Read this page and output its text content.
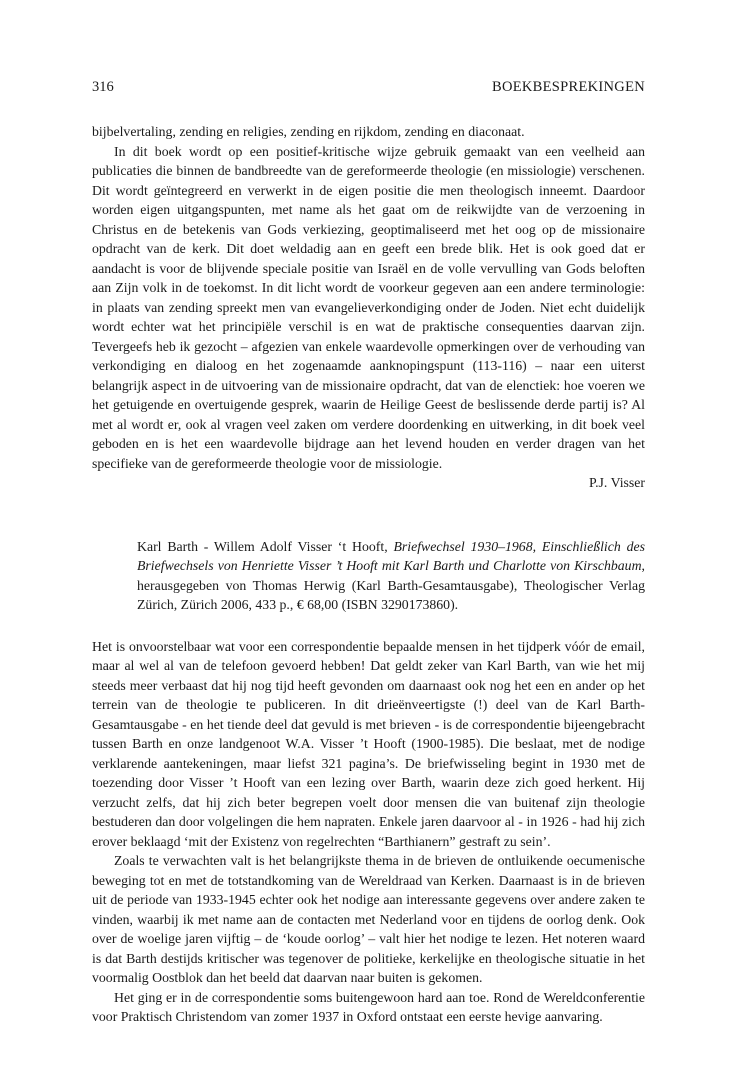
316	BOEKBESPREKINGEN

bijbelvertaling, zending en religies, zending en rijkdom, zending en diaconaat.

In dit boek wordt op een positief-kritische wijze gebruik gemaakt van een veelheid aan publicaties die binnen de bandbreedte van de gereformeerde theologie (en missiologie) verschenen. Dit wordt geïntegreerd en verwerkt in de eigen positie die men theologisch inneemt. Daardoor worden eigen uitgangspunten, met name als het gaat om de reikwijdte van de verzoening in Christus en de betekenis van Gods verkiezing, geoptimaliseerd met het oog op de missionaire opdracht van de kerk. Dit doet weldadig aan en geeft een brede blik. Het is ook goed dat er aandacht is voor de blijvende speciale positie van Israël en de volle vervulling van Gods beloften aan Zijn volk in de toekomst. In dit licht wordt de voorkeur gegeven aan een andere terminologie: in plaats van zending spreekt men van evangelieverkondiging onder de Joden. Niet echt duidelijk wordt echter wat het principiële verschil is en wat de praktische consequenties daarvan zijn. Tevergeefs heb ik gezocht – afgezien van enkele waardevolle opmerkingen over de verhouding van verkondiging en dialoog en het zogenaamde aanknopingspunt (113-116) – naar een uiterst belangrijk aspect in de uitvoering van de missionaire opdracht, dat van de elenctiek: hoe voeren we het getuigende en overtuigende gesprek, waarin de Heilige Geest de beslissende derde partij is? Al met al wordt er, ook al vragen veel zaken om verdere doordenking en uitwerking, in dit boek veel geboden en is het een waardevolle bijdrage aan het levend houden en verder dragen van het specifieke van de gereformeerde theologie voor de missiologie.

P.J. Visser

Karl Barth - Willem Adolf Visser ‘t Hooft, Briefwechsel 1930–1968, Einschließlich des Briefwechsels von Henriette Visser ’t Hooft mit Karl Barth und Charlotte von Kirschbaum, herausgegeben von Thomas Herwig (Karl Barth-Gesamtausgabe), Theologischer Verlag Zürich, Zürich 2006, 433 p., € 68,00 (ISBN 3290173860).

Het is onvoorstelbaar wat voor een correspondentie bepaalde mensen in het tijdperk vóór de email, maar al wel al van de telefoon gevoerd hebben! Dat geldt zeker van Karl Barth, van wie het mij steeds meer verbaast dat hij nog tijd heeft gevonden om daarnaast ook nog het een en ander op het terrein van de theologie te publiceren. In dit drieënveertigste (!) deel van de Karl Barth-Gesamtausgabe - en het tiende deel dat gevuld is met brieven - is de correspondentie bijeengebracht tussen Barth en onze landgenoot W.A. Visser ’t Hooft (1900-1985). Die beslaat, met de nodige verklarende aantekeningen, maar liefst 321 pagina’s. De briefwisseling begint in 1930 met de toezending door Visser ’t Hooft van een lezing over Barth, waarin deze zich goed herkent. Hij verzucht zelfs, dat hij zich beter begrepen voelt door mensen die van buitenaf zijn theologie bestuderen dan door volgelingen die hem napraten. Enkele jaren daarvoor al - in 1926 - had hij zich erover beklaagd ‘mit der Existenz von regelrechten “Barthianern” gestraft zu sein’.

Zoals te verwachten valt is het belangrijkste thema in de brieven de ontluikende oecumenische beweging tot en met de totstandkoming van de Wereldraad van Kerken. Daarnaast is in de brieven uit de periode van 1933-1945 echter ook het nodige aan interessante gegevens over andere zaken te vinden, waarbij ik met name aan de contacten met Nederland voor en tijdens de oorlog denk. Ook over de woelige jaren vijftig – de ‘koude oorlog’ – valt hier het nodige te lezen. Het noteren waard is dat Barth destijds kritischer was tegenover de politieke, kerkelijke en theologische situatie in het voormalig Oostblok dan het beeld dat daarvan naar buiten is gekomen.

Het ging er in de correspondentie soms buitengewoon hard aan toe. Rond de Wereldconferentie voor Praktisch Christendom van zomer 1937 in Oxford ontstaat een eerste hevige aanvaring.
